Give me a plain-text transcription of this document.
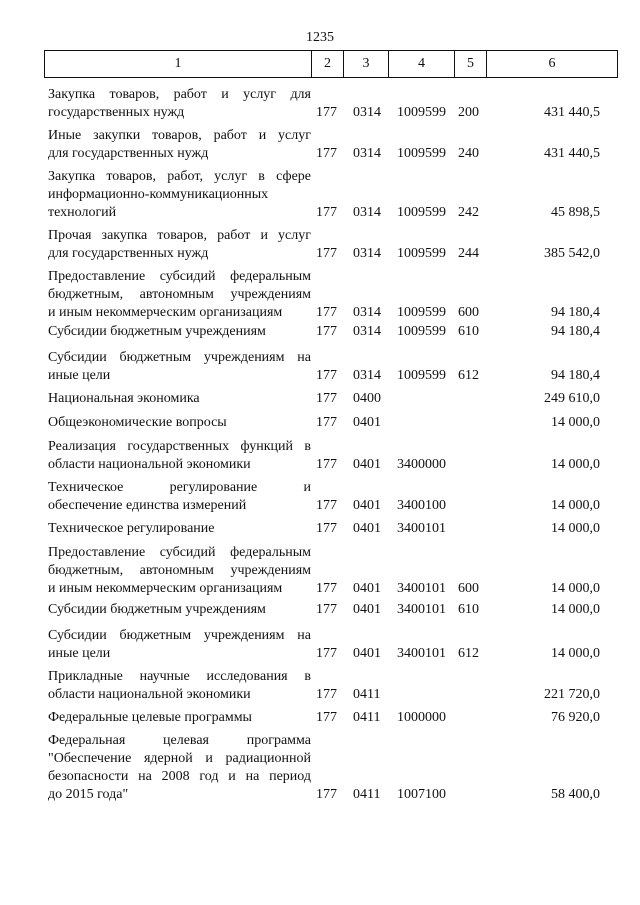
1235
1	2	3	4	5	6
Закупка товаров, работ и услуг для
государственных нужд	177 0314 1009599 200	431 440,5
Иные закупки товаров, работ и услуг
для государственных нужд	177 0314 1009599 240	431 440,5
Закупка товаров, работ, услуг в сфере
информационно-коммуникационных
технологий	177 0314 1009599 242	45 898,5
Прочая закупка товаров, работ и услуг
для государственных нужд	177 0314 1009599 244	385 542,0
Предоставление субсидий федеральным
бюджетным, автономным учреждениям
и иным некоммерческим организациям	177 0314 1009599 600	94 180,4
Субсидии бюджетным учреждениям	177 0314 1009599 610	94 180,4
Субсидии бюджетным учреждениям на
иные цели	177 0314 1009599 612	94 180,4
Национальная экономика	177 0400	249 610,0
Общеэкономические вопросы	177 0401	14 000,0
Реализация государственных функций в
области национальной экономики	177 0401 3400000	14 000,0
Техническое регулирование и
обеспечение единства измерений	177 0401 3400100	14 000,0
Техническое регулирование	177 0401 3400101	14 000,0
Предоставление субсидий федеральным
бюджетным, автономным учреждениям
и иным некоммерческим организациям	177 0401 3400101 600	14 000,0
Субсидии бюджетным учреждениям	177 0401 3400101 610	14 000,0
Субсидии бюджетным учреждениям на
иные цели	177 0401 3400101 612	14 000,0
Прикладные научные исследования в
области национальной экономики	177 0411	221 720,0
Федеральные целевые программы	177 0411 1000000	76 920,0
Федеральная целевая программа
"Обеспечение ядерной и радиационной
безопасности на 2008 год и на период
до 2015 года"	177 0411 1007100	58 400,0
